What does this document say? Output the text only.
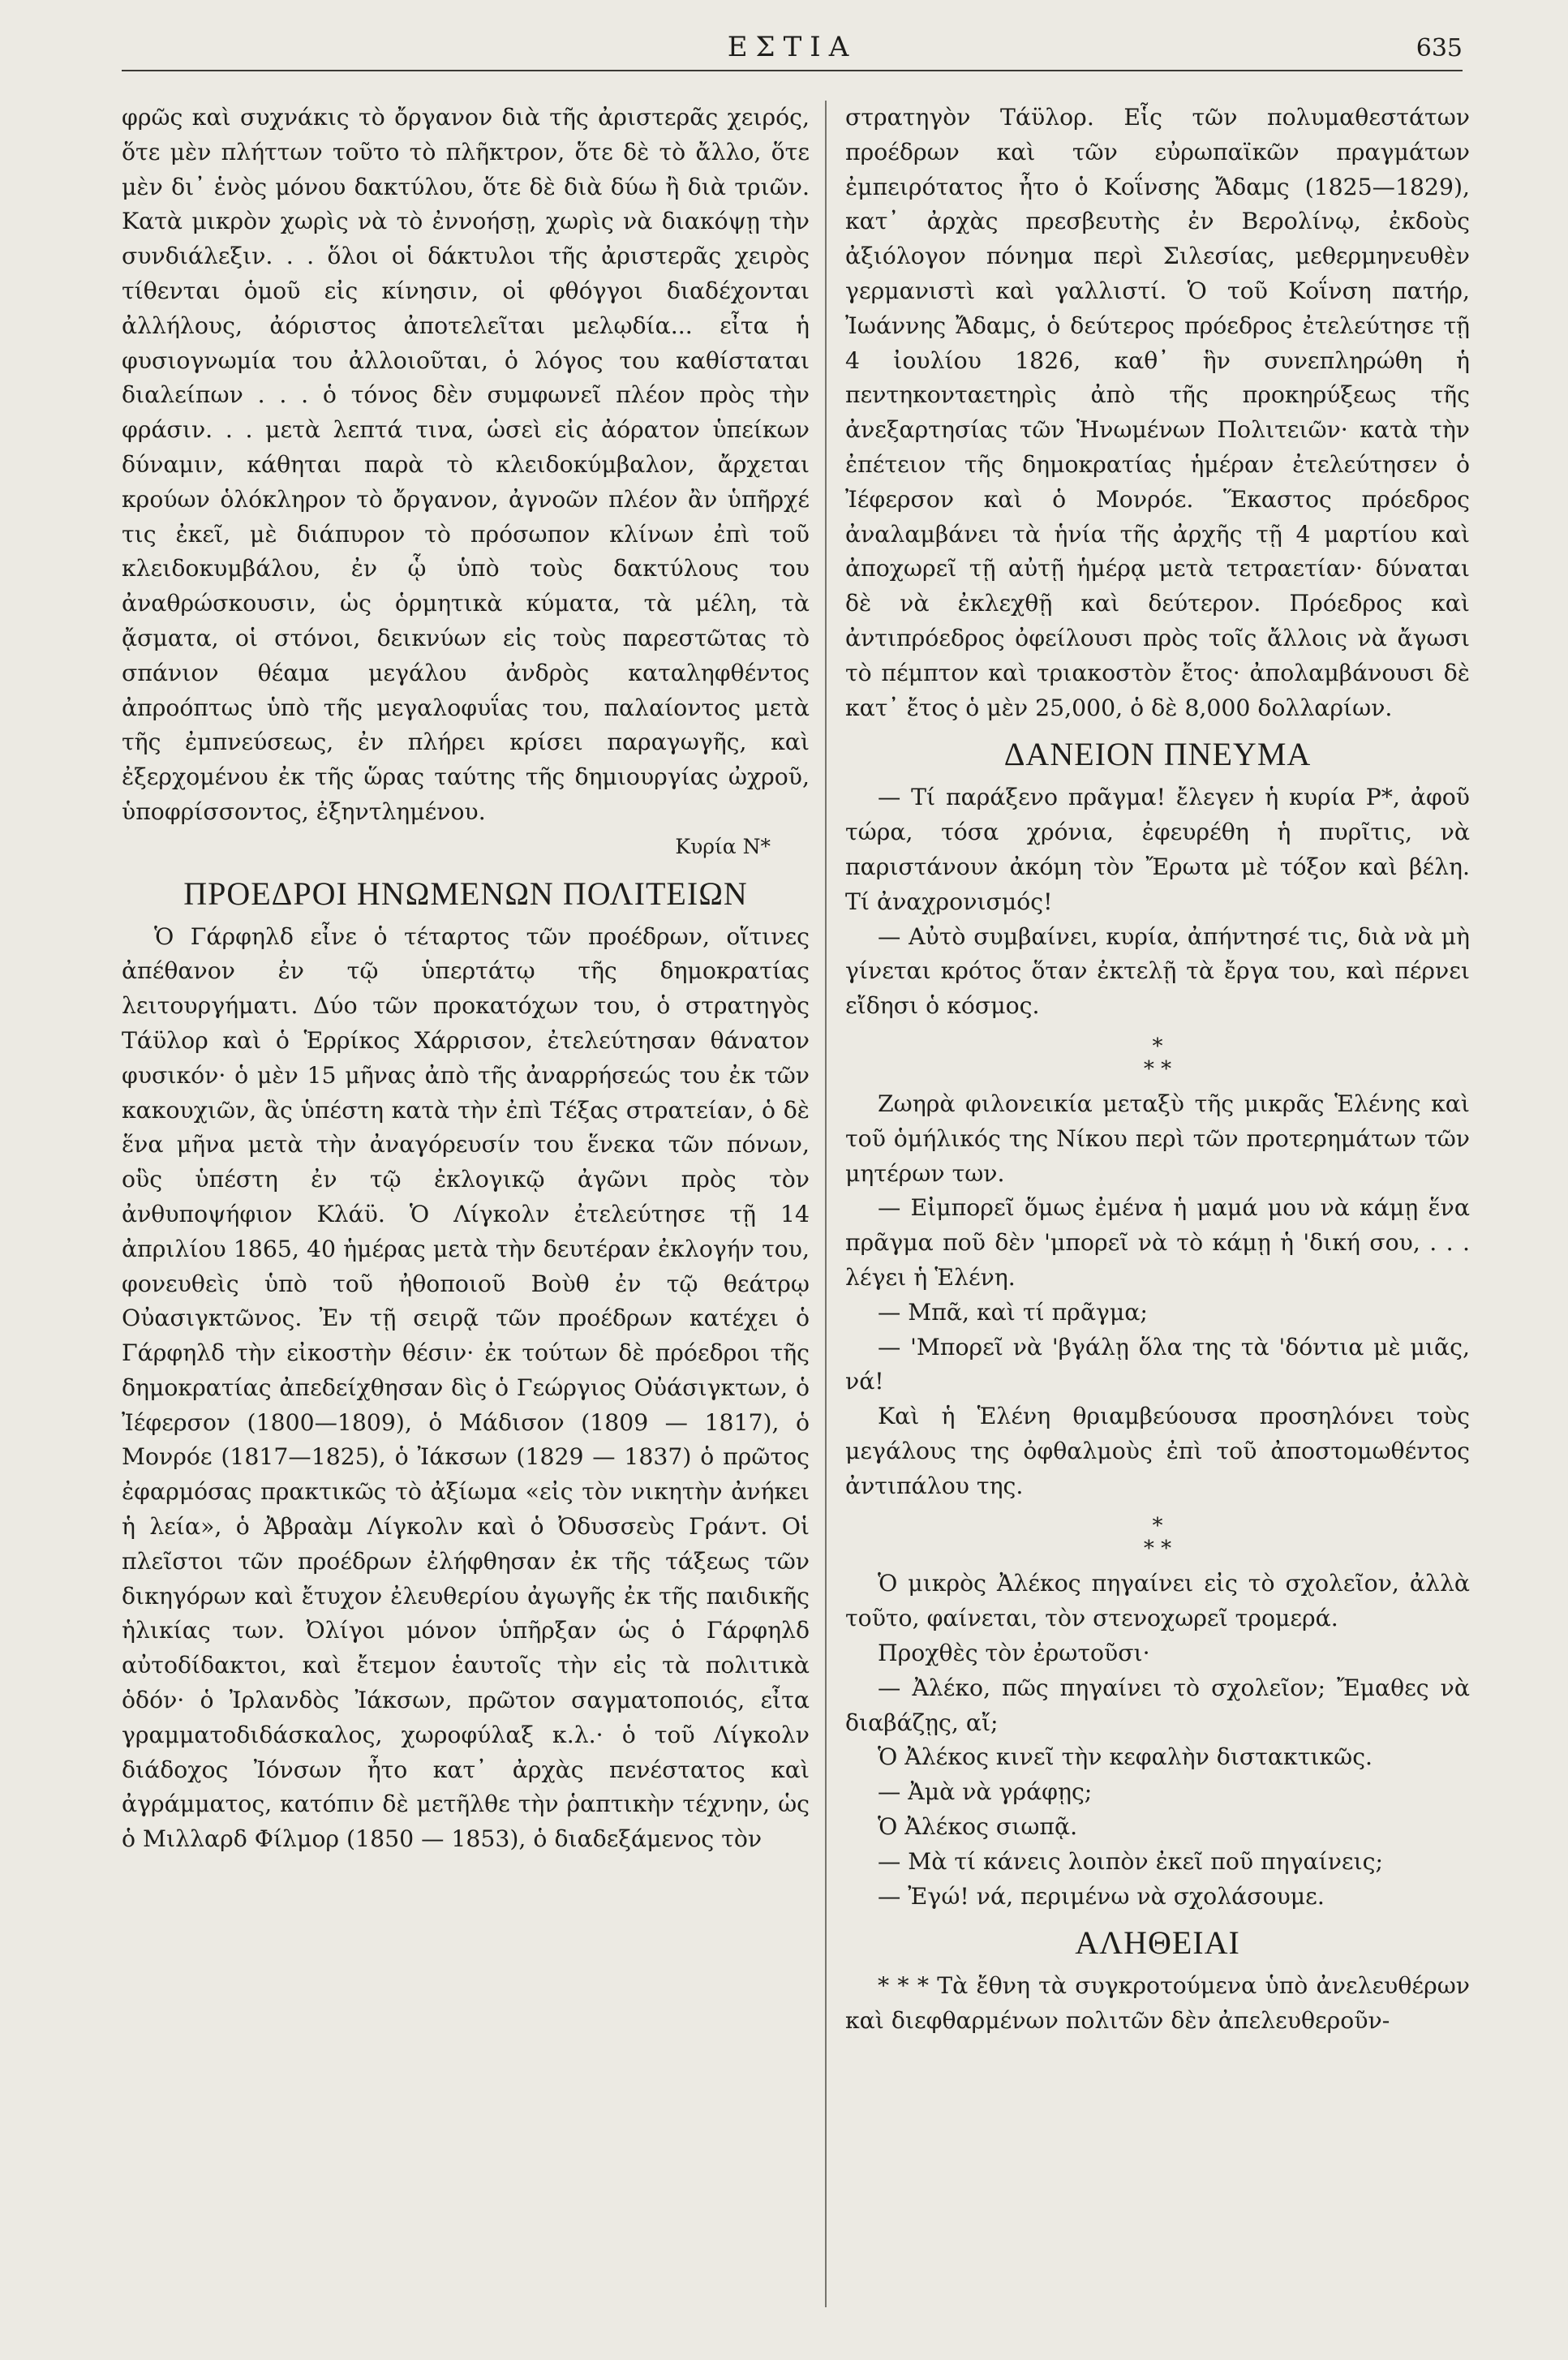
ΕΣΤΙΑ	635

φρῶς καὶ συχνάκις τὸ ὄργανον διὰ τῆς ἀριστερᾶς χειρός, ὅτε μὲν πλήττων τοῦτο τὸ πλῆκτρον, ὅτε δὲ τὸ ἄλλο, ὅτε μὲν δι᾿ ἑνὸς μόνου δακτύλου, ὅτε δὲ διὰ δύω ἢ διὰ τριῶν. Κατὰ μικρὸν χωρὶς νὰ τὸ ἐννοήσῃ, χωρὶς νὰ διακόψῃ τὴν συνδιάλεξιν. . . ὅλοι οἱ δάκτυλοι τῆς ἀριστερᾶς χειρὸς τίθενται ὁμοῦ εἰς κίνησιν, οἱ φθόγγοι διαδέχονται ἀλλήλους, ἀόριστος ἀποτελεῖται μελῳδία... εἶτα ἡ φυσιογνωμία του ἀλλοιοῦται, ὁ λόγος του καθίσταται διαλείπων . . . ὁ τόνος δὲν συμφωνεῖ πλέον πρὸς τὴν φράσιν. . . μετὰ λεπτά τινα, ὡσεὶ εἰς ἀόρατον ὑπείκων δύναμιν, κάθηται παρὰ τὸ κλειδοκύμβαλον, ἄρχεται κρούων ὁλόκληρον τὸ ὄργανον, ἀγνοῶν πλέον ἂν ὑπῆρχέ τις ἐκεῖ, μὲ διάπυρον τὸ πρόσωπον κλίνων ἐπὶ τοῦ κλειδοκυμβάλου, ἐν ᾧ ὑπὸ τοὺς δακτύλους του ἀναθρώσκουσιν, ὡς ὁρμητικὰ κύματα, τὰ μέλη, τὰ ᾄσματα, οἱ στόνοι, δεικνύων εἰς τοὺς παρεστῶτας τὸ σπάνιον θέαμα μεγάλου ἀνδρὸς καταληφθέντος ἀπροόπτως ὑπὸ τῆς μεγαλοφυΐας του, παλαίοντος μετὰ τῆς ἐμπνεύσεως, ἐν πλήρει κρίσει παραγωγῆς, καὶ ἐξερχομένου ἐκ τῆς ὥρας ταύτης τῆς δημιουργίας ὠχροῦ, ὑποφρίσσοντος, ἐξηντλημένου.

Κυρία Ν*

ΠΡΟΕΔΡΟΙ ΗΝΩΜΕΝΩΝ ΠΟΛΙΤΕΙΩΝ

Ὁ Γάρφηλδ εἶνε ὁ τέταρτος τῶν προέδρων, οἵτινες ἀπέθανον ἐν τῷ ὑπερτάτῳ τῆς δημοκρατίας λειτουργήματι. Δύο τῶν προκατόχων του, ὁ στρατηγὸς Τάϋλορ καὶ ὁ Ἑρρίκος Χάρρισον, ἐτελεύτησαν θάνατον φυσικόν· ὁ μὲν 15 μῆνας ἀπὸ τῆς ἀναρρήσεώς του ἐκ τῶν κακουχιῶν, ἃς ὑπέστη κατὰ τὴν ἐπὶ Τέξας στρατείαν, ὁ δὲ ἕνα μῆνα μετὰ τὴν ἀναγόρευσίν του ἕνεκα τῶν πόνων, οὓς ὑπέστη ἐν τῷ ἐκλογικῷ ἀγῶνι πρὸς τὸν ἀνθυποψήφιον Κλάϋ. Ὁ Λίγκολν ἐτελεύτησε τῇ 14 ἀπριλίου 1865, 40 ἡμέρας μετὰ τὴν δευτέραν ἐκλογήν του, φονευθεὶς ὑπὸ τοῦ ἠθοποιοῦ Βοὺθ ἐν τῷ θεάτρῳ Οὐασιγκτῶνος. Ἐν τῇ σειρᾷ τῶν προέδρων κατέχει ὁ Γάρφηλδ τὴν εἰκοστὴν θέσιν· ἐκ τούτων δὲ πρόεδροι τῆς δημοκρατίας ἀπεδείχθησαν δὶς ὁ Γεώργιος Οὐάσιγκτων, ὁ Ἰέφερσον (1800—1809), ὁ Μάδισον (1809 — 1817), ὁ Μονρόε (1817—1825), ὁ Ἰάκσων (1829 — 1837) ὁ πρῶτος ἐφαρμόσας πρακτικῶς τὸ ἀξίωμα «εἰς τὸν νικητὴν ἀνήκει ἡ λεία», ὁ Ἀβραὰμ Λίγκολν καὶ ὁ Ὀδυσσεὺς Γράντ. Οἱ πλεῖστοι τῶν προέδρων ἐλήφθησαν ἐκ τῆς τάξεως τῶν δικηγόρων καὶ ἔτυχον ἐλευθερίου ἀγωγῆς ἐκ τῆς παιδικῆς ἡλικίας των. Ὀλίγοι μόνον ὑπῆρξαν ὡς ὁ Γάρφηλδ αὐτοδίδακτοι, καὶ ἔτεμον ἑαυτοῖς τὴν εἰς τὰ πολιτικὰ ὁδόν· ὁ Ἰρλανδὸς Ἰάκσων, πρῶτον σαγματοποιός, εἶτα γραμματοδιδάσκαλος, χωροφύλαξ κ.λ.· ὁ τοῦ Λίγκολν διάδοχος Ἰόνσων ἦτο κατ᾿ ἀρχὰς πενέστατος καὶ ἀγράμματος, κατόπιν δὲ μετῆλθε τὴν ῥαπτικὴν τέχνην, ὡς ὁ Μιλλαρδ Φίλμορ (1850 — 1853), ὁ διαδεξάμενος τὸν

στρατηγὸν Τάϋλορ. Εἷς τῶν πολυμαθεστάτων προέδρων καὶ τῶν εὐρωπαϊκῶν πραγμάτων ἐμπειρότατος ἦτο ὁ Κοΐνσης Ἄδαμς (1825—1829), κατ᾿ ἀρχὰς πρεσβευτὴς ἐν Βερολίνῳ, ἐκδοὺς ἀξιόλογον πόνημα περὶ Σιλεσίας, μεθερμηνευθὲν γερμανιστὶ καὶ γαλλιστί. Ὁ τοῦ Κοΐνση πατήρ, Ἰωάννης Ἄδαμς, ὁ δεύτερος πρόεδρος ἐτελεύτησε τῇ 4 ἰουλίου 1826, καθ᾿ ἣν συνεπληρώθη ἡ πεντηκονταετηρὶς ἀπὸ τῆς προκηρύξεως τῆς ἀνεξαρτησίας τῶν Ἡνωμένων Πολιτειῶν· κατὰ τὴν ἐπέτειον τῆς δημοκρατίας ἡμέραν ἐτελεύτησεν ὁ Ἰέφερσον καὶ ὁ Μονρόε. Ἕκαστος πρόεδρος ἀναλαμβάνει τὰ ἡνία τῆς ἀρχῆς τῇ 4 μαρτίου καὶ ἀποχωρεῖ τῇ αὐτῇ ἡμέρᾳ μετὰ τετραετίαν· δύναται δὲ νὰ ἐκλεχθῇ καὶ δεύτερον. Πρόεδρος καὶ ἀντιπρόεδρος ὀφείλουσι πρὸς τοῖς ἄλλοις νὰ ἄγωσι τὸ πέμπτον καὶ τριακοστὸν ἔτος· ἀπολαμβάνουσι δὲ κατ᾿ ἔτος ὁ μὲν 25,000, ὁ δὲ 8,000 δολλαρίων.

ΔΑΝΕΙΟΝ ΠΝΕΥΜΑ

— Τί παράξενο πρᾶγμα! ἔλεγεν ἡ κυρία Ρ*, ἀφοῦ τώρα, τόσα χρόνια, ἐφευρέθη ἡ πυρῖτις, νὰ παριστάνουν ἀκόμη τὸν Ἔρωτα μὲ τόξον καὶ βέλη. Τί ἀναχρονισμός!

— Αὐτὸ συμβαίνει, κυρία, ἀπήντησέ τις, διὰ νὰ μὴ γίνεται κρότος ὅταν ἐκτελῇ τὰ ἔργα του, καὶ πέρνει εἴδησι ὁ κόσμος.

*
* *

Ζωηρὰ φιλονεικία μεταξὺ τῆς μικρᾶς Ἑλένης καὶ τοῦ ὁμήλικός της Νίκου περὶ τῶν προτερημάτων τῶν μητέρων των.

— Εἰμπορεῖ ὅμως ἐμένα ἡ μαμά μου νὰ κάμῃ ἕνα πρᾶγμα ποῦ δὲν 'μπορεῖ νὰ τὸ κάμῃ ἡ 'δική σου, . . . λέγει ἡ Ἑλένη.

— Μπᾶ, καὶ τί πρᾶγμα;

— 'Μπορεῖ νὰ 'βγάλῃ ὅλα της τὰ 'δόντια μὲ μιᾶς, νά!

Καὶ ἡ Ἑλένη θριαμβεύουσα προσηλόνει τοὺς μεγάλους της ὀφθαλμοὺς ἐπὶ τοῦ ἀποστομωθέντος ἀντιπάλου της.

*
* *

Ὁ μικρὸς Ἀλέκος πηγαίνει εἰς τὸ σχολεῖον, ἀλλὰ τοῦτο, φαίνεται, τὸν στενοχωρεῖ τρομερά.

Προχθὲς τὸν ἐρωτοῦσι·

— Ἀλέκο, πῶς πηγαίνει τὸ σχολεῖον; Ἔμαθες νὰ διαβάζῃς, αἴ;

Ὁ Ἀλέκος κινεῖ τὴν κεφαλὴν διστακτικῶς.

— Ἀμὰ νὰ γράφῃς;

Ὁ Ἀλέκος σιωπᾷ.

— Μὰ τί κάνεις λοιπὸν ἐκεῖ ποῦ πηγαίνεις;

— Ἐγώ! νά, περιμένω νὰ σχολάσουμε.

ΑΛΗΘΕΙΑΙ

* * * Τὰ ἔθνη τὰ συγκροτούμενα ὑπὸ ἀνελευθέρων καὶ διεφθαρμένων πολιτῶν δὲν ἀπελευθεροῦν-
